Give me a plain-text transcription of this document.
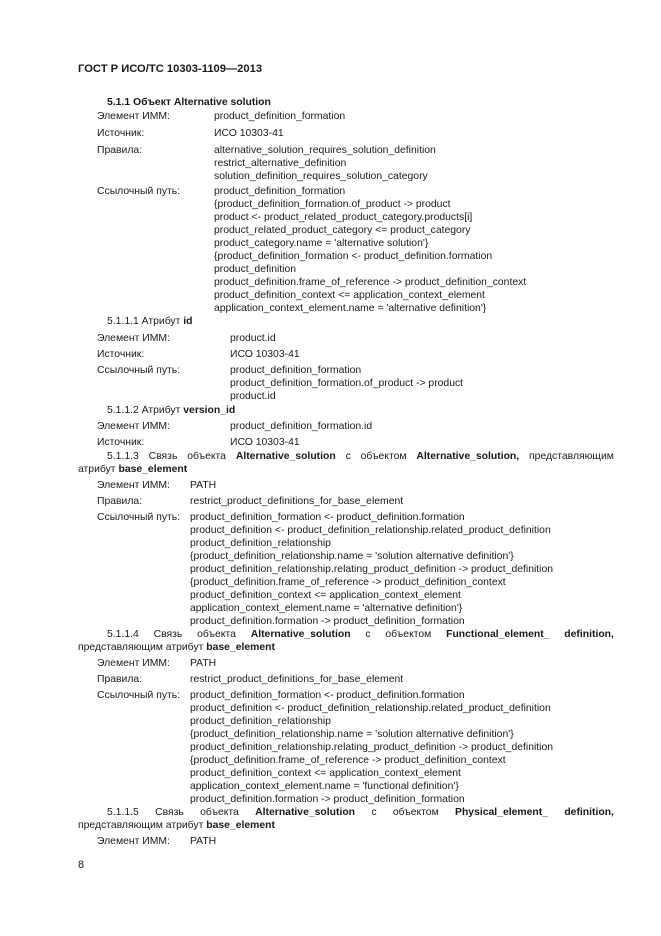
ГОСТ Р ИСО/ТС 10303-1109—2013
5.1.1 Объект Alternative solution
Элемент ИММ:	product_definition_formation
Источник:	ИСО 10303-41
Правила:	alternative_solution_requires_solution_definition
restrict_alternative_definition
solution_definition_requires_solution_category
Ссылочный путь:	product_definition_formation
{product_definition_formation.of_product -> product
product <- product_related_product_category.products[i]
product_related_product_category <= product_category
product_category.name = 'alternative solution'}
{product_definition_formation <- product_definition.formation
product_definition
product_definition.frame_of_reference -> product_definition_context
product_definition_context <= application_context_element
application_context_element.name = 'alternative definition'}
5.1.1.1 Атрибут id
Элемент ИММ:	product.id
Источник:	ИСО 10303-41
Ссылочный путь:	product_definition_formation
product_definition_formation.of_product -> product
product.id
5.1.1.2 Атрибут version_id
Элемент ИММ:	product_definition_formation.id
Источник:	ИСО 10303-41
5.1.1.3 Связь объекта Alternative_solution с объектом Alternative_solution, представляющим
атрибут base_element
Элемент ИММ: PATH
Правила:	restrict_product_definitions_for_base_element
Ссылочный путь: product_definition_formation <- product_definition.formation
product_definition <- product_definition_relationship.related_product_definition
product_definition_relationship
{product_definition_relationship.name = 'solution alternative definition'}
product_definition_relationship.relating_product_definition -> product_definition
{product_definition.frame_of_reference -> product_definition_context
product_definition_context <= application_context_element
application_context_element.name = 'alternative definition'}
product_definition.formation -> product_definition_formation
5.1.1.4 Связь объекта Alternative_solution с объектом Functional_element_ definition,
представляющим атрибут base_element
Элемент ИММ: PATH
Правила:	restrict_product_definitions_for_base_element
Ссылочный путь: product_definition_formation <- product_definition.formation
product_definition <- product_definition_relationship.related_product_definition
product_definition_relationship
{product_definition_relationship.name = 'solution alternative definition'}
product_definition_relationship.relating_product_definition -> product_definition
{product_definition.frame_of_reference -> product_definition_context
product_definition_context <= application_context_element
application_context_element.name = 'functional definition'}
product_definition.formation -> product_definition_formation
5.1.1.5 Связь объекта Alternative_solution с объектом Physical_element_ definition,
представляющим атрибут base_element
Элемент ИММ: PATH
8
